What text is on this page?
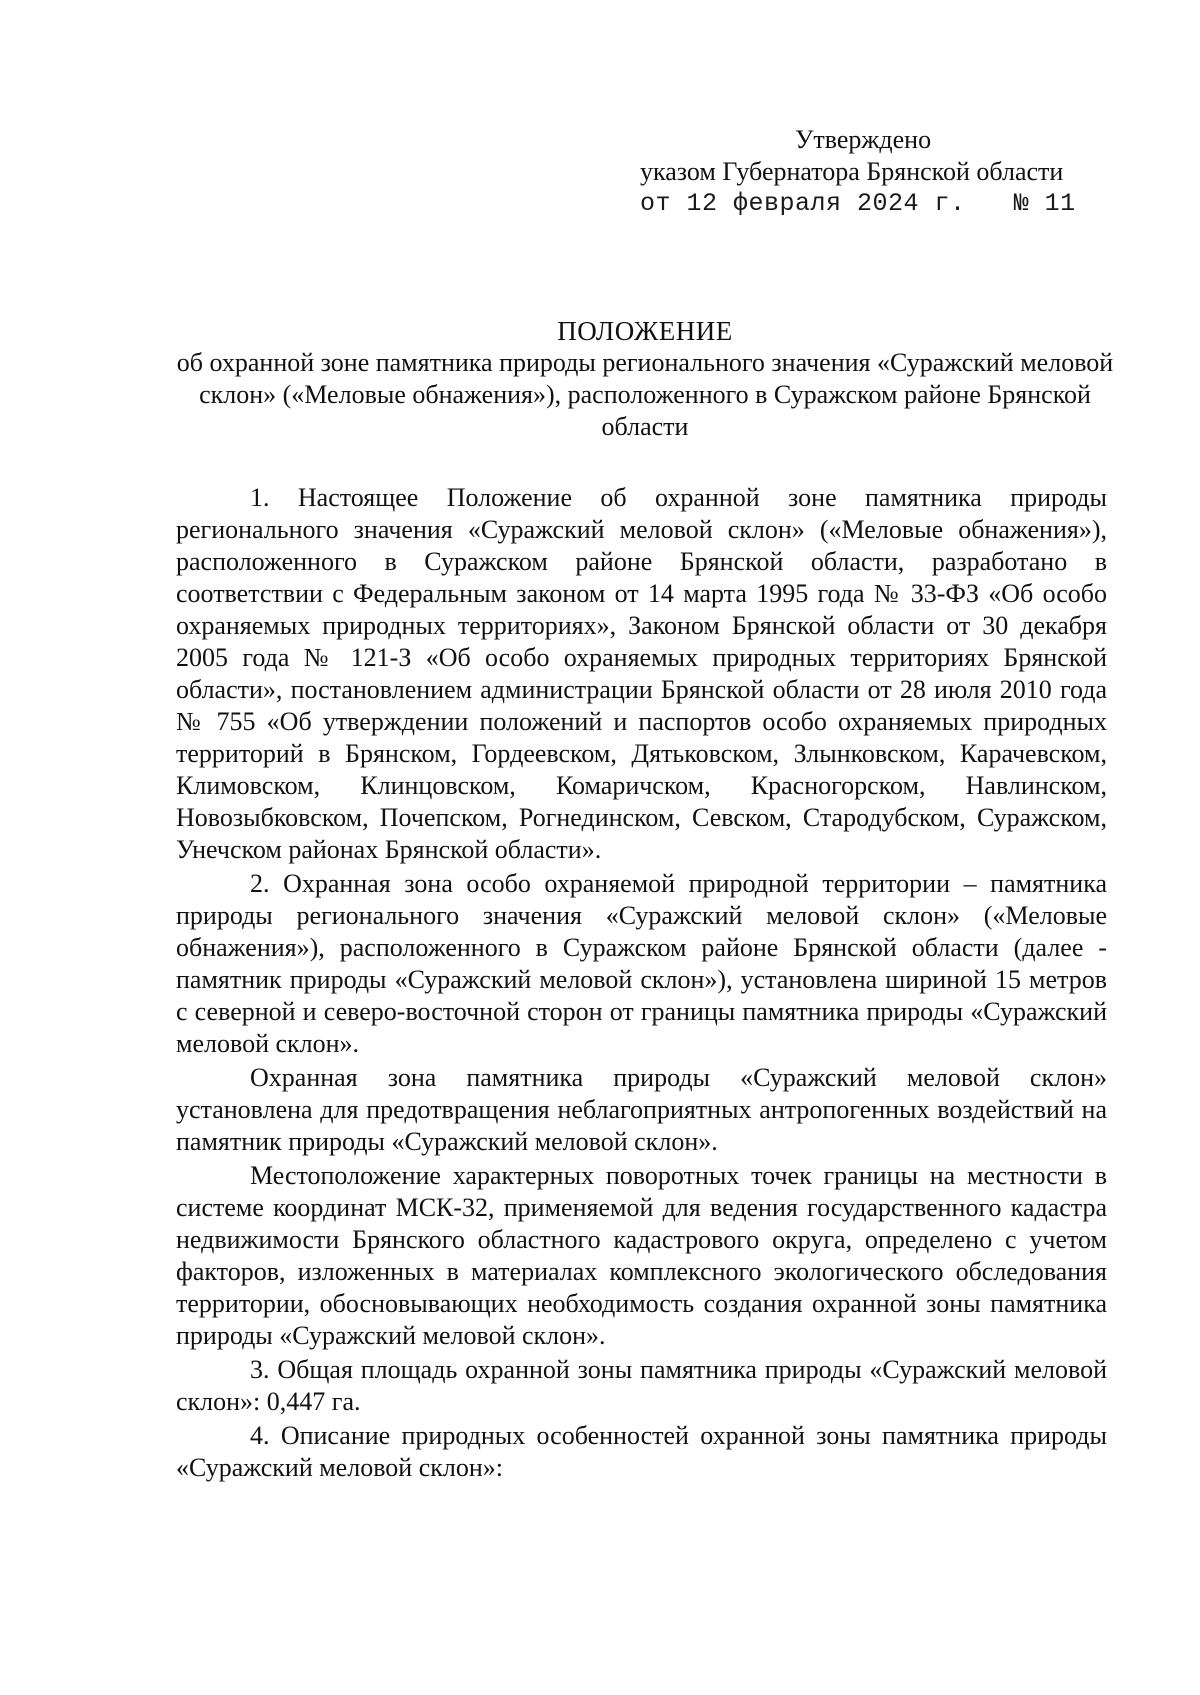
Утверждено
указом Губернатора Брянской области
от 12 февраля 2024 г. № 11
ПОЛОЖЕНИЕ
об охранной зоне памятника природы регионального значения «Суражский меловой склон» («Меловые обнажения»), расположенного в Суражском районе Брянской области

1. Настоящее Положение об охранной зоне памятника природы регионального значения «Суражский меловой склон» («Меловые обнажения»), расположенного в Суражском районе Брянской области, разработано в соответствии с Федеральным законом от 14 марта 1995 года № 33-ФЗ «Об особо охраняемых природных территориях», Законом Брянской области от 30 декабря 2005 года № 121-З «Об особо охраняемых природных территориях Брянской области», постановлением администрации Брянской области от 28 июля 2010 года № 755 «Об утверждении положений и паспортов особо охраняемых природных территорий в Брянском, Гордеевском, Дятьковском, Злынковском, Карачевском, Климовском, Клинцовском, Комаричском, Красногорском, Навлинском, Новозыбковском, Почепском, Рогнединском, Севском, Стародубском, Суражском, Унечском районах Брянской области».

2. Охранная зона особо охраняемой природной территории – памятника природы регионального значения «Суражский меловой склон» («Меловые обнажения»), расположенного в Суражском районе Брянской области (далее - памятник природы «Суражский меловой склон»), установлена шириной 15 метров с северной и северо-восточной сторон от границы памятника природы «Суражский меловой склон».

Охранная зона памятника природы «Суражский меловой склон» установлена для предотвращения неблагоприятных антропогенных воздействий на памятник природы «Суражский меловой склон».

Местоположение характерных поворотных точек границы на местности в системе координат МСК-32, применяемой для ведения государственного кадастра недвижимости Брянского областного кадастрового округа, определено с учетом факторов, изложенных в материалах комплексного экологического обследования территории, обосновывающих необходимость создания охранной зоны памятника природы «Суражский меловой склон».

3. Общая площадь охранной зоны памятника природы «Суражский меловой склон»: 0,447 га.

4. Описание природных особенностей охранной зоны памятника природы «Суражский меловой склон»:
